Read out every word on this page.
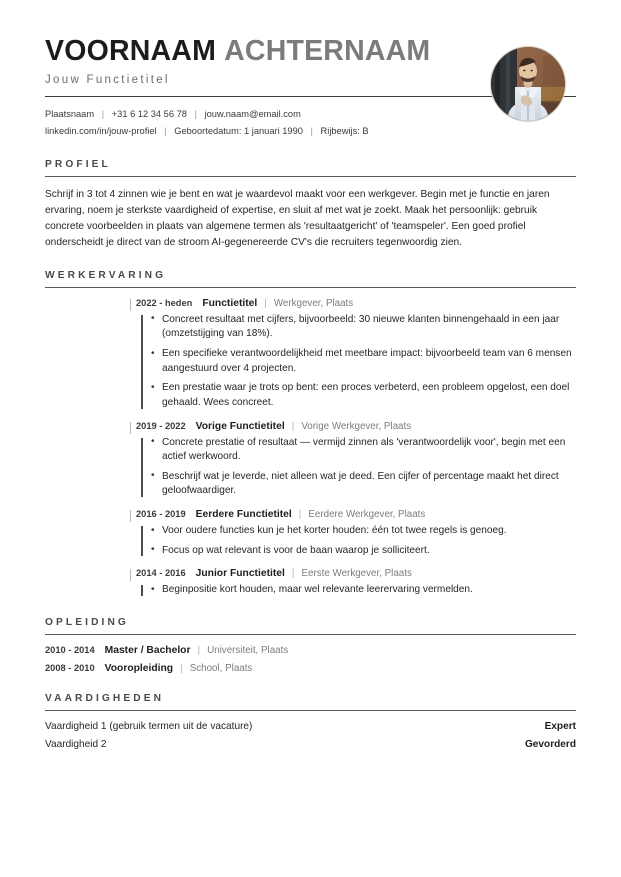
VOORNAAM ACHTERNAAM
Jouw Functietitel
Plaatsnaam | +31 6 12 34 56 78 | jouw.naam@email.com
linkedin.com/in/jouw-profiel | Geboortedatum: 1 januari 1990 | Rijbewijs: B
PROFIEL
Schrijf in 3 tot 4 zinnen wie je bent en wat je waardevol maakt voor een werkgever. Begin met je functie en jaren ervaring, noem je sterkste vaardigheid of expertise, en sluit af met wat je zoekt. Maak het persoonlijk: gebruik concrete voorbeelden in plaats van algemene termen als 'resultaatgericht' of 'teamspeler'. Een goed profiel onderscheidt je direct van de stroom AI-gegenereerde CV's die recruiters tegenwoordig zien.
WERKERVARING
2022 - heden Functietitel | Werkgever, Plaats
• Concreet resultaat met cijfers, bijvoorbeeld: 30 nieuwe klanten binnengehaald in een jaar (omzetstijging van 18%).
• Een specifieke verantwoordelijkheid met meetbare impact: bijvoorbeeld team van 6 mensen aangestuurd over 4 projecten.
• Een prestatie waar je trots op bent: een proces verbeterd, een probleem opgelost, een doel gehaald. Wees concreet.
2019 - 2022 Vorige Functietitel | Vorige Werkgever, Plaats
• Concrete prestatie of resultaat — vermijd zinnen als 'verantwoordelijk voor', begin met een actief werkwoord.
• Beschrijf wat je leverde, niet alleen wat je deed. Een cijfer of percentage maakt het direct geloofwaardiger.
2016 - 2019 Eerdere Functietitel | Eerdere Werkgever, Plaats
• Voor oudere functies kun je het korter houden: één tot twee regels is genoeg.
• Focus op wat relevant is voor de baan waarop je solliciteert.
2014 - 2016 Junior Functietitel | Eerste Werkgever, Plaats
• Beginpositie kort houden, maar wel relevante leerervaring vermelden.
OPLEIDING
2010 - 2014 Master / Bachelor | Universiteit, Plaats
2008 - 2010 Vooropleiding | School, Plaats
VAARDIGHEDEN
Vaardigheid 1 (gebruik termen uit de vacature)	Expert
Vaardigheid 2	Gevorderd
